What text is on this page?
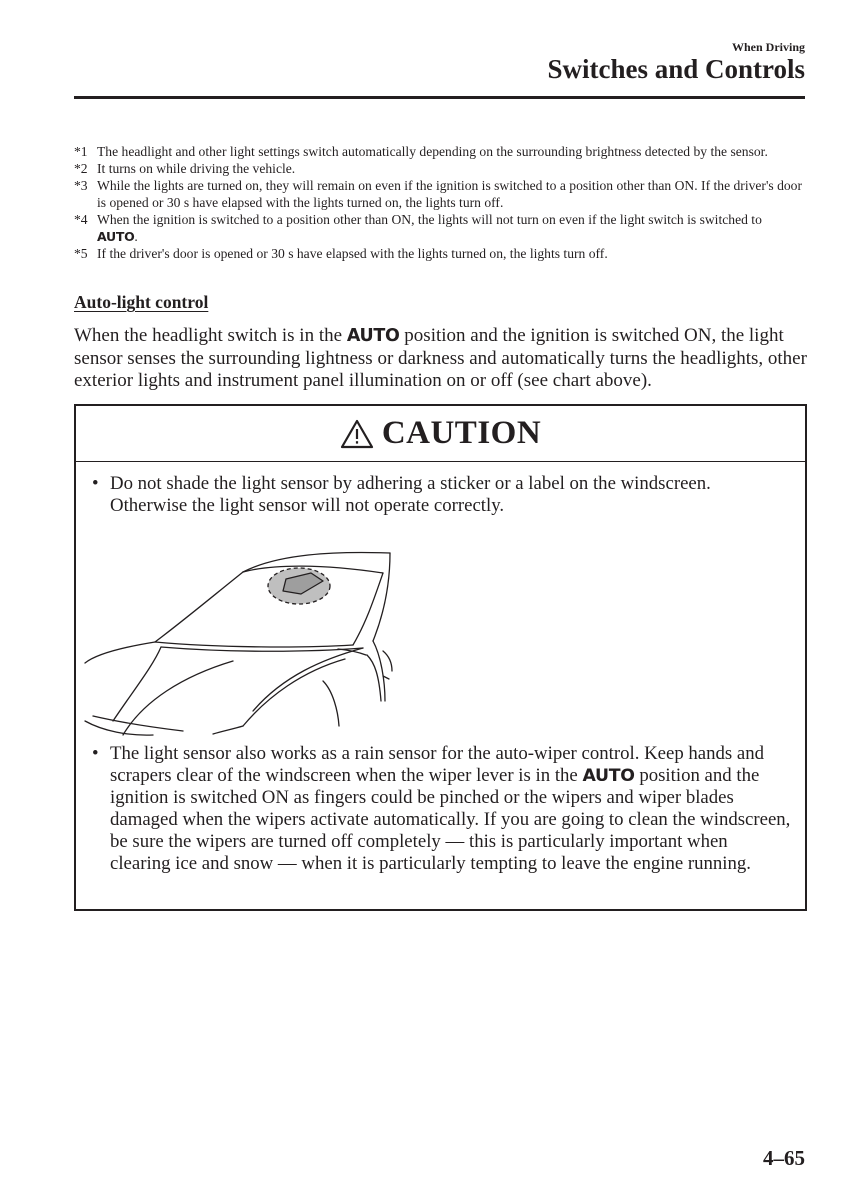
When Driving
Switches and Controls
*1 The headlight and other light settings switch automatically depending on the surrounding brightness detected by the sensor.
*2 It turns on while driving the vehicle.
*3 While the lights are turned on, they will remain on even if the ignition is switched to a position other than ON. If the driver's door is opened or 30 s have elapsed with the lights turned on, the lights turn off.
*4 When the ignition is switched to a position other than ON, the lights will not turn on even if the light switch is switched to AUTO.
*5 If the driver's door is opened or 30 s have elapsed with the lights turned on, the lights turn off.
Auto-light control
When the headlight switch is in the AUTO position and the ignition is switched ON, the light sensor senses the surrounding lightness or darkness and automatically turns the headlights, other exterior lights and instrument panel illumination on or off (see chart above).
CAUTION
• Do not shade the light sensor by adhering a sticker or a label on the windscreen. Otherwise the light sensor will not operate correctly.
• The light sensor also works as a rain sensor for the auto-wiper control. Keep hands and scrapers clear of the windscreen when the wiper lever is in the AUTO position and the ignition is switched ON as fingers could be pinched or the wipers and wiper blades damaged when the wipers activate automatically. If you are going to clean the windscreen, be sure the wipers are turned off completely — this is particularly important when clearing ice and snow — when it is particularly tempting to leave the engine running.
4–65
